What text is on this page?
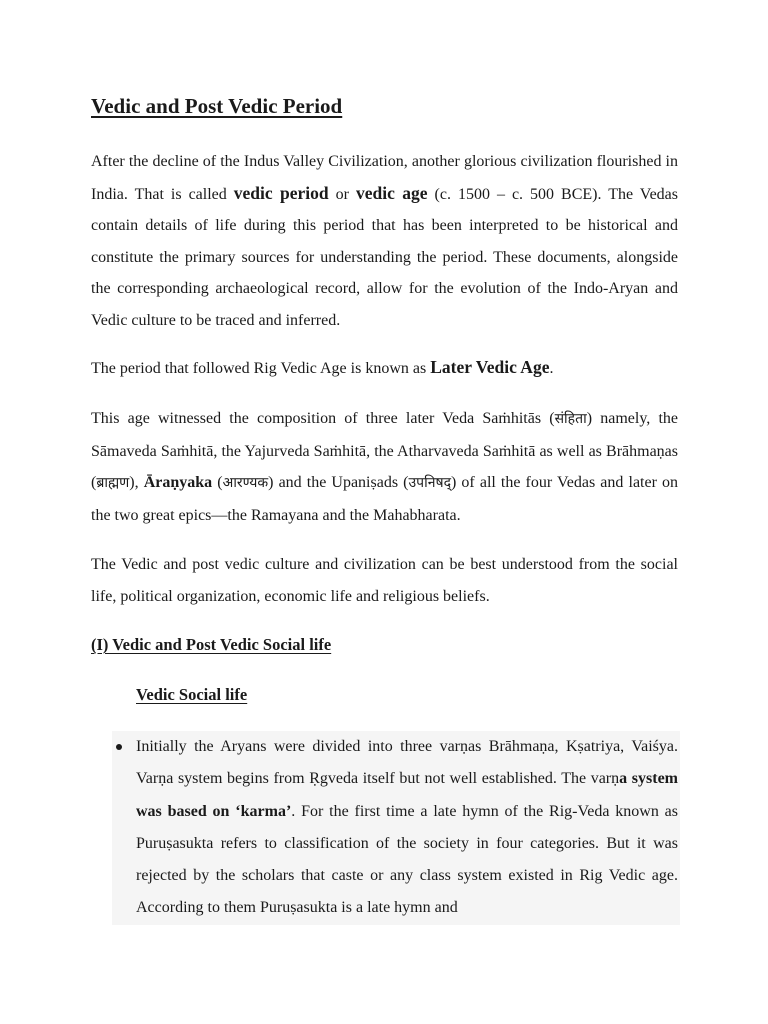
Vedic and Post Vedic Period

After the decline of the Indus Valley Civilization, another glorious civilization flourished in India. That is called vedic period or vedic age (c. 1500 – c. 500 BCE). The Vedas contain details of life during this period that has been interpreted to be historical and constitute the primary sources for understanding the period. These documents, alongside the corresponding archaeological record, allow for the evolution of the Indo-Aryan and Vedic culture to be traced and inferred.

The period that followed Rig Vedic Age is known as Later Vedic Age.

This age witnessed the composition of three later Veda Saṁhitās (संहिता) namely, the Sāmaveda Saṁhitā, the Yajurveda Saṁhitā, the Atharvaveda Saṁhitā as well as Brāhmaṇas (ब्राह्मण), Āraṇyaka (आरण्यक) and the Upaniṣads (उपनिषद्) of all the four Vedas and later on the two great epics—the Ramayana and the Mahabharata.

The Vedic and post vedic culture and civilization can be best understood from the social life, political organization, economic life and religious beliefs.

(I) Vedic and Post Vedic Social life
Vedic Social life

Initially the Aryans were divided into three varṇas Brāhmaṇa, Kṣatriya, Vaiśya. Varṇa system begins from Ṛgveda itself but not well established. The varṇa system was based on ‘karma’. For the first time a late hymn of the Rig-Veda known as Puruṣasukta refers to classification of the society in four categories. But it was rejected by the scholars that caste or any class system existed in Rig Vedic age. According to them Puruṣasukta is a late hymn and
